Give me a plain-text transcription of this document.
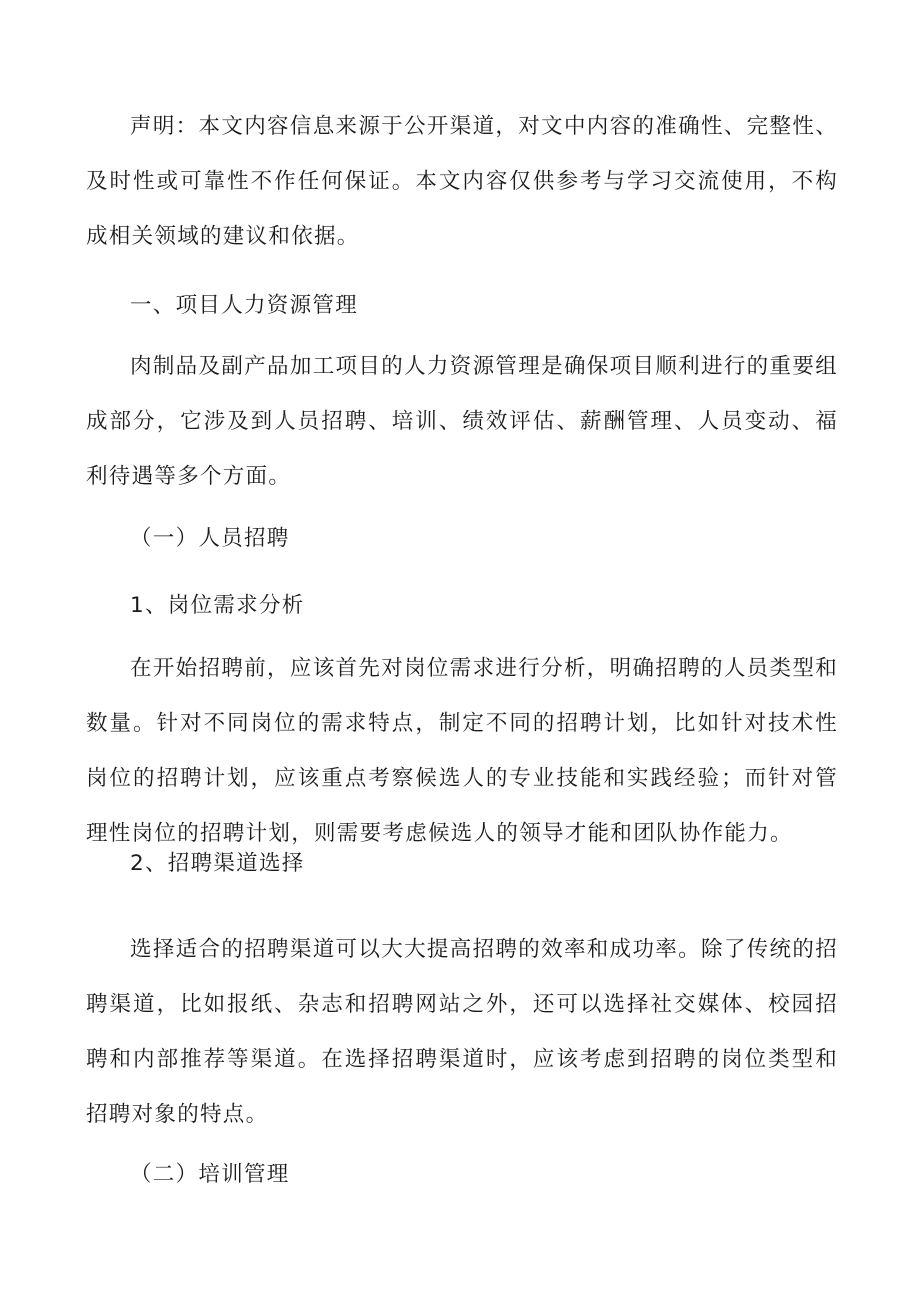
声明：本文内容信息来源于公开渠道，对文中内容的准确性、完整性、及时性或可靠性不作任何保证。本文内容仅供参考与学习交流使用，不构成相关领域的建议和依据。

一、项目人力资源管理

肉制品及副产品加工项目的人力资源管理是确保项目顺利进行的重要组成部分，它涉及到人员招聘、培训、绩效评估、薪酬管理、人员变动、福利待遇等多个方面。

（一）人员招聘

1、岗位需求分析

在开始招聘前，应该首先对岗位需求进行分析，明确招聘的人员类型和数量。针对不同岗位的需求特点，制定不同的招聘计划，比如针对技术性岗位的招聘计划，应该重点考察候选人的专业技能和实践经验；而针对管理性岗位的招聘计划，则需要考虑候选人的领导才能和团队协作能力。

2、招聘渠道选择

选择适合的招聘渠道可以大大提高招聘的效率和成功率。除了传统的招聘渠道，比如报纸、杂志和招聘网站之外，还可以选择社交媒体、校园招聘和内部推荐等渠道。在选择招聘渠道时，应该考虑到招聘的岗位类型和招聘对象的特点。

（二）培训管理
